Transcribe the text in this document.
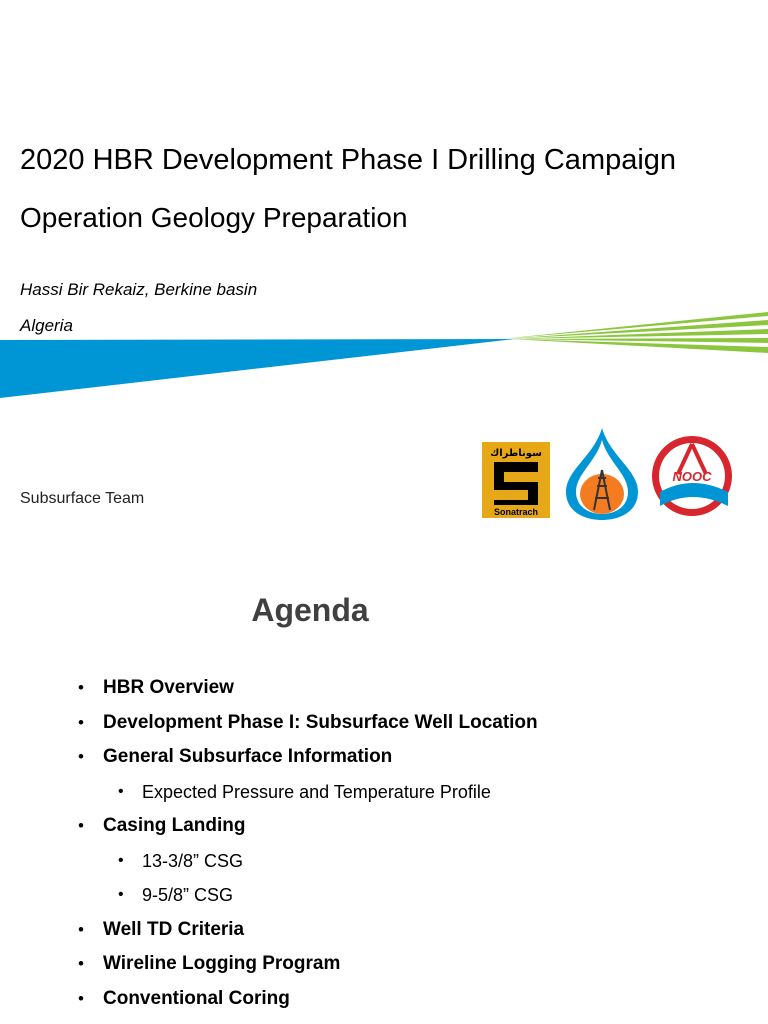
2020 HBR Development Phase I Drilling Campaign
Operation Geology Preparation
Hassi Bir Rekaiz, Berkine basin
Algeria
Subsurface Team
سوناطراك
Sonatrach
NOOC
Agenda
• HBR Overview
• Development Phase I: Subsurface Well Location
• General Subsurface Information
• Expected Pressure and Temperature Profile
• Casing Landing
• 13-3/8” CSG
• 9-5/8” CSG
• Well TD Criteria
• Wireline Logging Program
• Conventional Coring
